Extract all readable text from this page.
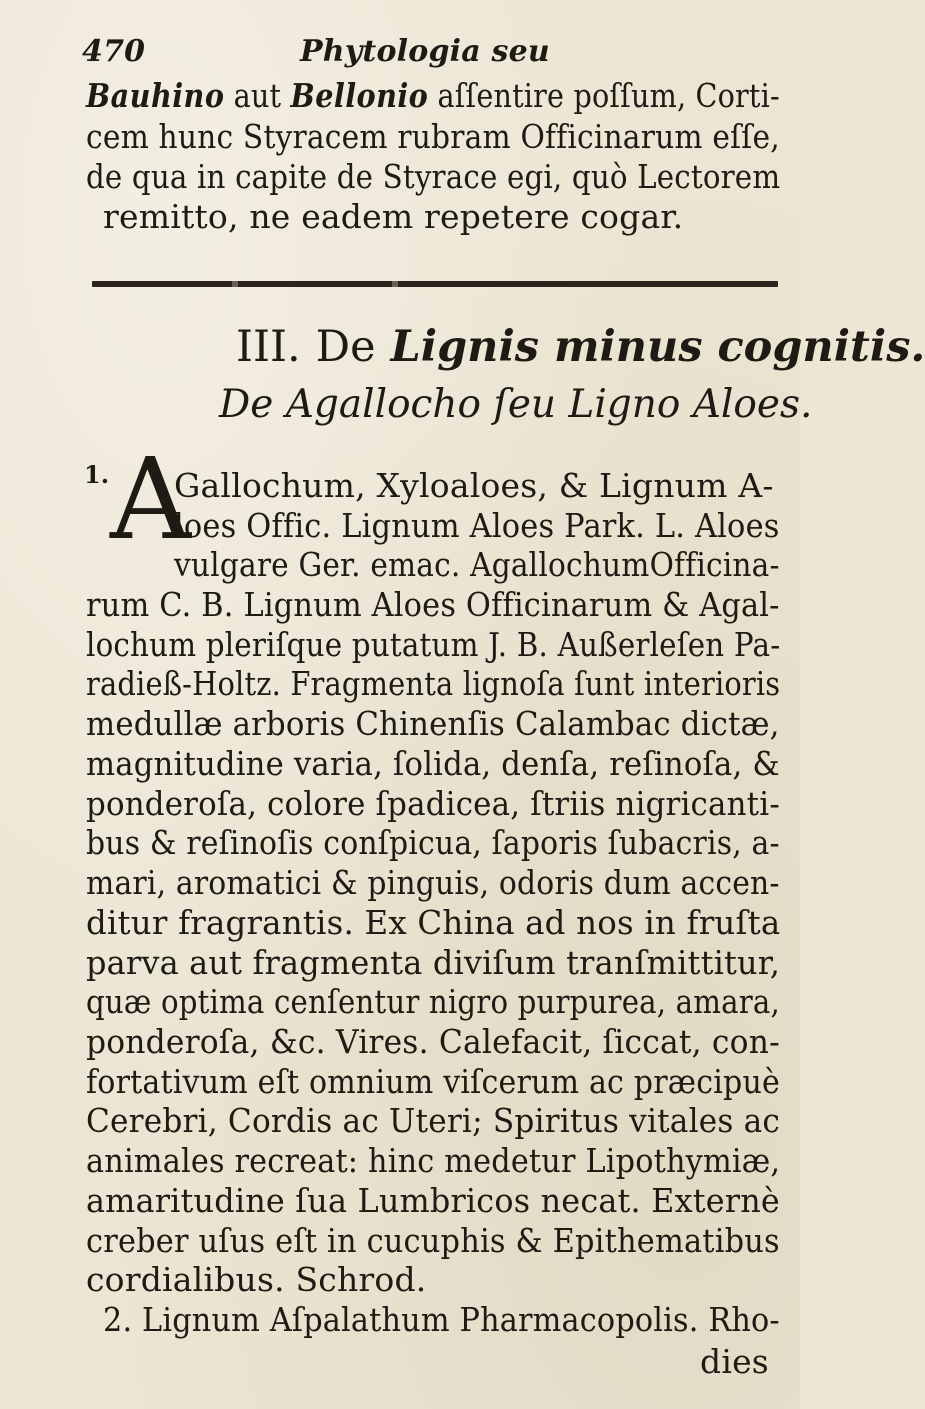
470	Phytologia seu
Bauhino aut Bellonio aſſentire poſſum, Corti-
cem hunc Styracem rubram Officinarum eſſe,
de qua in capite de Styrace egi, quò Lectorem
remitto, ne eadem repetere cogar.
III. De Lignis minus cognitis.
De Agallocho ſeu Ligno Aloes.
1. A
Gallochum, Xyloaloes, & Lignum A-
loes Offic. Lignum Aloes Park. L. Aloes
vulgare Ger. emac. AgallochumOfficina-
rum C. B. Lignum Aloes Officinarum & Agal-
lochum pleriſque putatum J. B. Außerleſen Pa-
radieß-Holtz. Fragmenta lignoſa ſunt interioris
medullæ arboris Chinenſis Calambac dictæ,
magnitudine varia, ſolida, denſa, reſinoſa, &
ponderoſa, colore ſpadicea, ſtriis nigricanti-
bus & reſinoſis conſpicua, ſaporis ſubacris, a-
mari, aromatici & pinguis, odoris dum accen-
ditur fragrantis. Ex China ad nos in fruſta
parva aut fragmenta diviſum tranſmittitur,
quæ optima cenſentur nigro purpurea, amara,
ponderoſa, &c. Vires. Calefacit, ſiccat, con-
fortativum eſt omnium viſcerum ac præcipuè
Cerebri, Cordis ac Uteri; Spiritus vitales ac
animales recreat: hinc medetur Lipothymiæ,
amaritudine ſua Lumbricos necat. Externè
creber uſus eſt in cucuphis & Epithematibus
cordialibus. Schrod.
2. Lignum Aſpalathum Pharmacopolis. Rho-
dies
